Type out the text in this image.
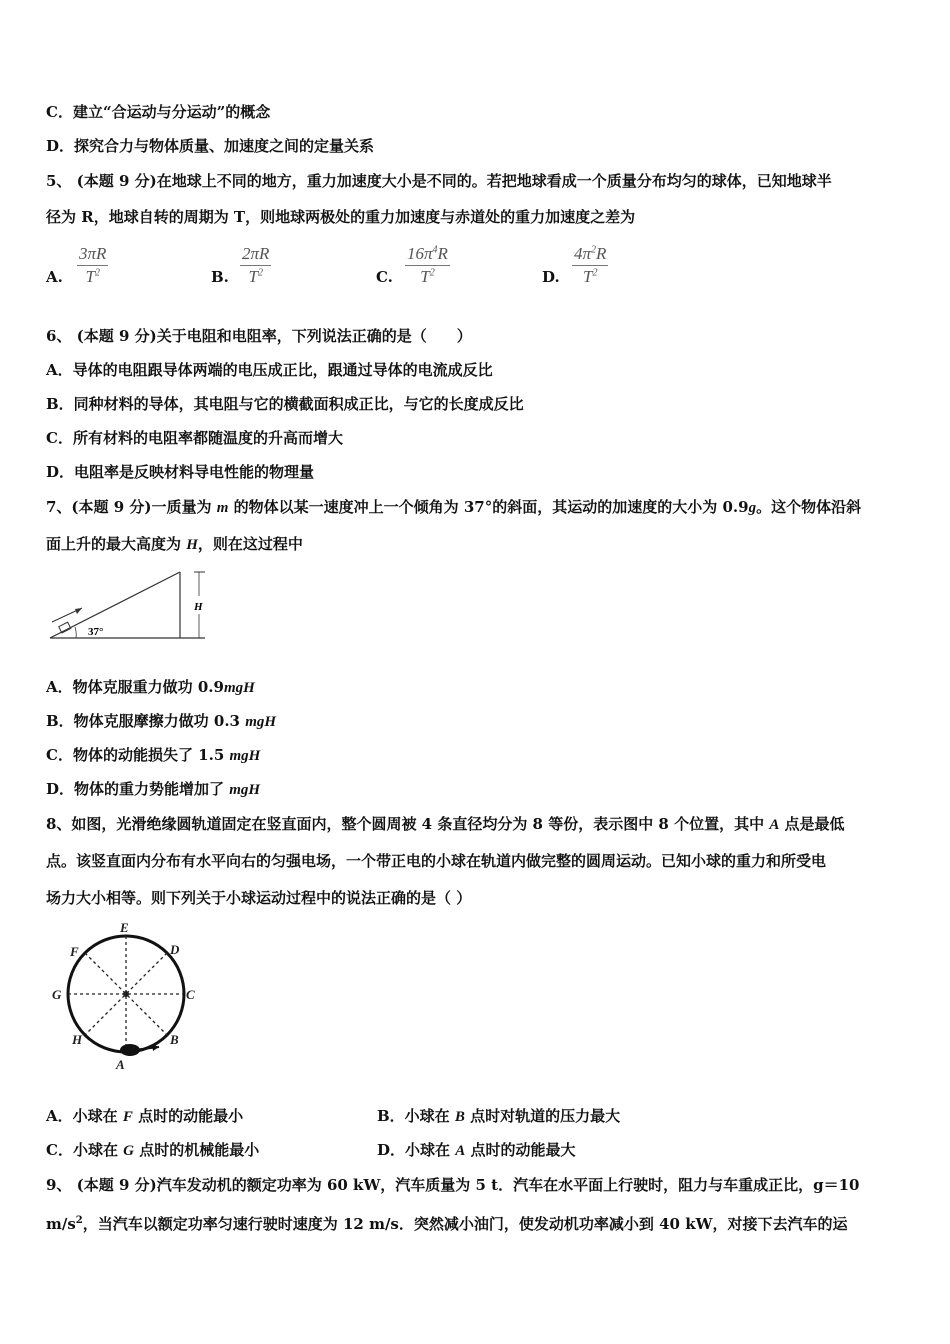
C．建立“合运动与分运动”的概念
D．探究合力与物体质量、加速度之间的定量关系
5、 (本题 9 分)在地球上不同的地方，重力加速度大小是不同的。若把地球看成一个质量分布均匀的球体，已知地球半
径为 R，地球自转的周期为 T，则地球两极处的重力加速度与赤道处的重力加速度之差为
A. $\frac{3\pi R}{T^2}$	B. $\frac{2\pi R}{T^2}$	C. $\frac{16\pi^4R}{T^2}$	D. $\frac{4\pi^2R}{T^2}$
6、 (本题 9 分)关于电阻和电阻率，下列说法正确的是（　　）
A．导体的电阻跟导体两端的电压成正比，跟通过导体的电流成反比
B．同种材料的导体，其电阻与它的横截面积成正比，与它的长度成反比
C．所有材料的电阻率都随温度的升高而增大
D．电阻率是反映材料导电性能的物理量
7、(本题 9 分)一质量为 m 的物体以某一速度冲上一个倾角为 37°的斜面，其运动的加速度的大小为 0.9g。这个物体沿斜
面上升的最大高度为 H，则在这过程中
H
37°
A．物体克服重力做功 0.9mgH
B．物体克服摩擦力做功 0.3 mgH
C．物体的动能损失了 1.5 mgH
D．物体的重力势能增加了 mgH
8、如图，光滑绝缘圆轨道固定在竖直面内，整个圆周被 4 条直径均分为 8 等份，表示图中 8 个位置，其中 A 点是最低
点。该竖直面内分布有水平向右的匀强电场，一个带正电的小球在轨道内做完整的圆周运动。已知小球的重力和所受电
场力大小相等。则下列关于小球运动过程中的说法正确的是（ ）
E
D
C
B
A
H
G
F
A．小球在 F 点时的动能最小	B．小球在 B 点时对轨道的压力最大
C．小球在 G 点时的机械能最小	D．小球在 A 点时的动能最大
9、 (本题 9 分)汽车发动机的额定功率为 60 kW，汽车质量为 5 t．汽车在水平面上行驶时，阻力与车重成正比，g＝10
$m/s^2$，当汽车以额定功率匀速行驶时速度为 12 m/s．突然减小油门，使发动机功率减小到 40 kW，对接下去汽车的运
